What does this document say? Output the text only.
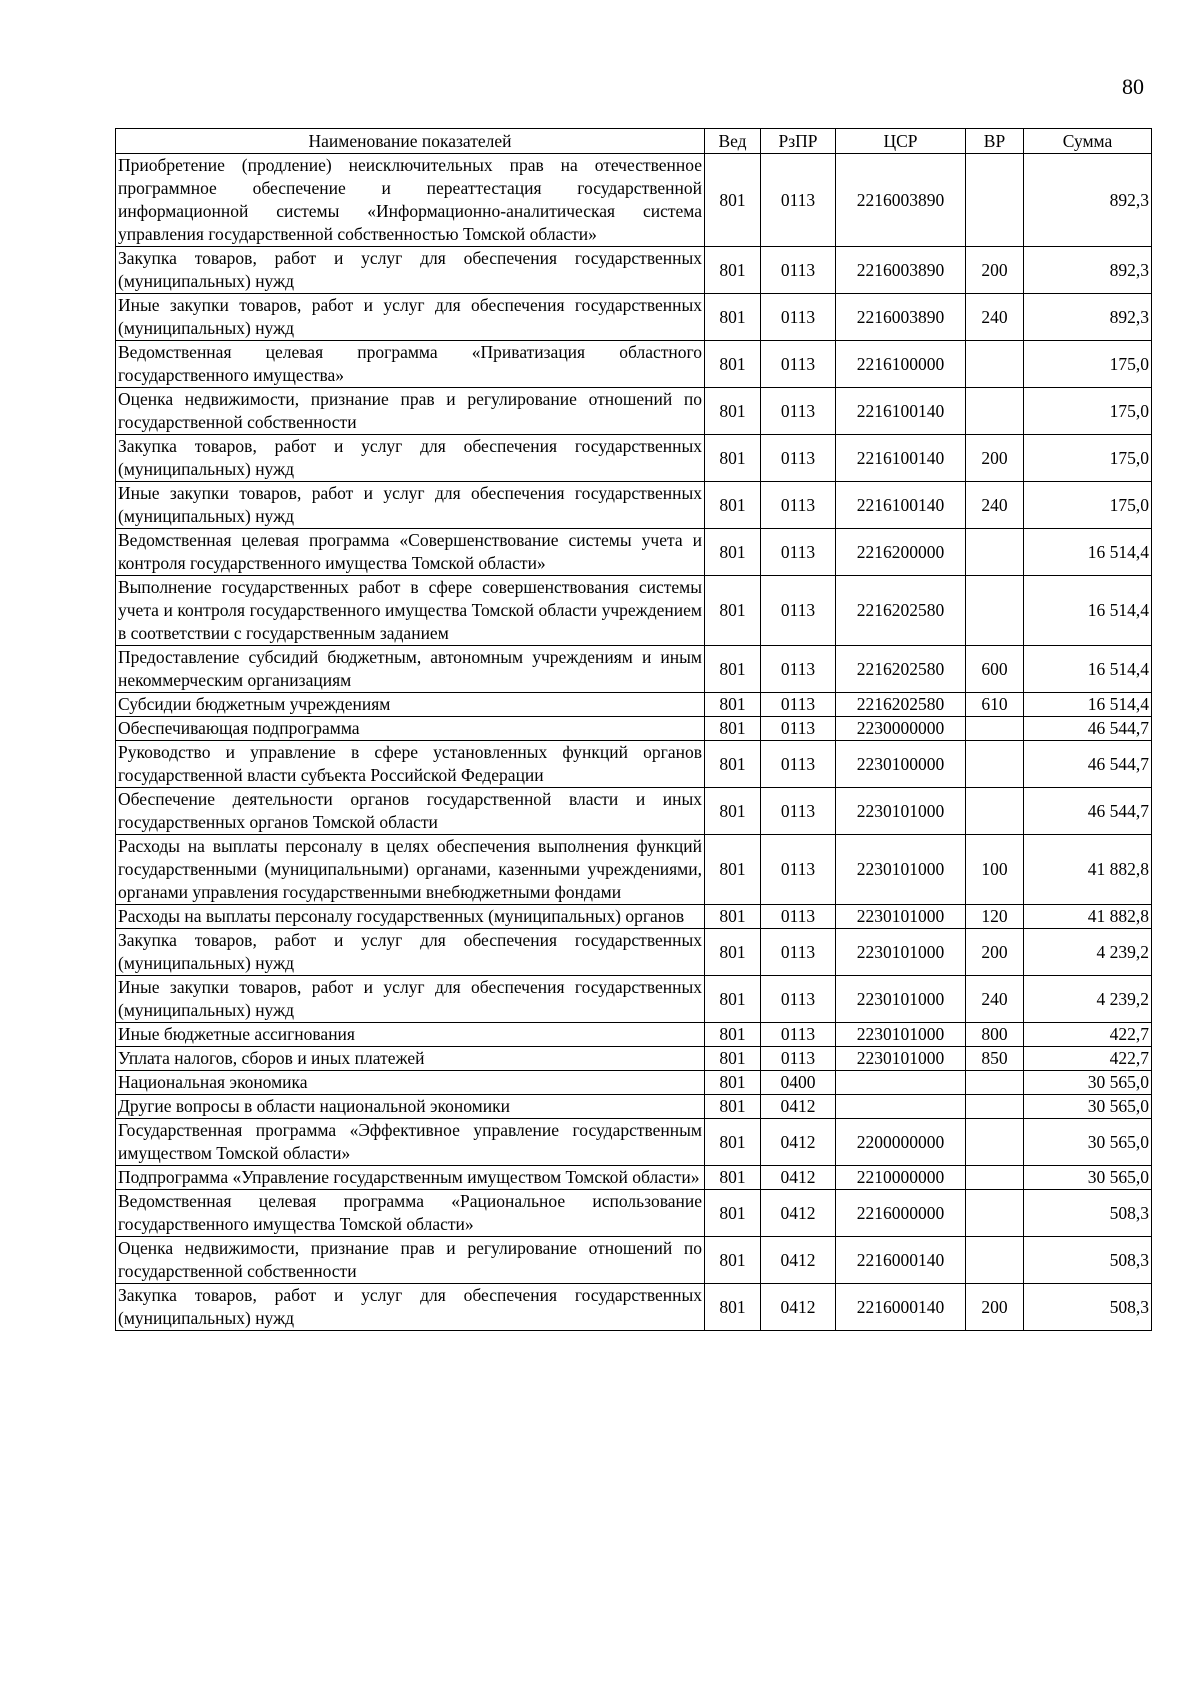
80
Наименование показателей	Вед	РзПР	ЦСР	ВР	Сумма
Приобретение (продление) неисключительных прав на отечественное программное обеспечение и переаттестация государственной информационной системы «Информационно-аналитическая система управления государственной собственностью Томской области»	801	0113	2216003890		892,3
Закупка товаров, работ и услуг для обеспечения государственных (муниципальных) нужд	801	0113	2216003890	200	892,3
Иные закупки товаров, работ и услуг для обеспечения государственных (муниципальных) нужд	801	0113	2216003890	240	892,3
Ведомственная целевая программа «Приватизация областного государственного имущества»	801	0113	2216100000		175,0
Оценка недвижимости, признание прав и регулирование отношений по государственной собственности	801	0113	2216100140		175,0
Закупка товаров, работ и услуг для обеспечения государственных (муниципальных) нужд	801	0113	2216100140	200	175,0
Иные закупки товаров, работ и услуг для обеспечения государственных (муниципальных) нужд	801	0113	2216100140	240	175,0
Ведомственная целевая программа «Совершенствование системы учета и контроля государственного имущества Томской области»	801	0113	2216200000		16 514,4
Выполнение государственных работ в сфере совершенствования системы учета и контроля государственного имущества Томской области учреждением в соответствии с государственным заданием	801	0113	2216202580		16 514,4
Предоставление субсидий бюджетным, автономным учреждениям и иным некоммерческим организациям	801	0113	2216202580	600	16 514,4
Субсидии бюджетным учреждениям	801	0113	2216202580	610	16 514,4
Обеспечивающая подпрограмма	801	0113	2230000000		46 544,7
Руководство и управление в сфере установленных функций органов государственной власти субъекта Российской Федерации	801	0113	2230100000		46 544,7
Обеспечение деятельности органов государственной власти и иных государственных органов Томской области	801	0113	2230101000		46 544,7
Расходы на выплаты персоналу в целях обеспечения выполнения функций государственными (муниципальными) органами, казенными учреждениями, органами управления государственными внебюджетными фондами	801	0113	2230101000	100	41 882,8
Расходы на выплаты персоналу государственных (муниципальных) органов	801	0113	2230101000	120	41 882,8
Закупка товаров, работ и услуг для обеспечения государственных (муниципальных) нужд	801	0113	2230101000	200	4 239,2
Иные закупки товаров, работ и услуг для обеспечения государственных (муниципальных) нужд	801	0113	2230101000	240	4 239,2
Иные бюджетные ассигнования	801	0113	2230101000	800	422,7
Уплата налогов, сборов и иных платежей	801	0113	2230101000	850	422,7
Национальная экономика	801	0400			30 565,0
Другие вопросы в области национальной экономики	801	0412			30 565,0
Государственная программа «Эффективное управление государственным имуществом Томской области»	801	0412	2200000000		30 565,0
Подпрограмма «Управление государственным имуществом Томской области»	801	0412	2210000000		30 565,0
Ведомственная целевая программа «Рациональное использование государственного имущества Томской области»	801	0412	2216000000		508,3
Оценка недвижимости, признание прав и регулирование отношений по государственной собственности	801	0412	2216000140		508,3
Закупка товаров, работ и услуг для обеспечения государственных (муниципальных) нужд	801	0412	2216000140	200	508,3
